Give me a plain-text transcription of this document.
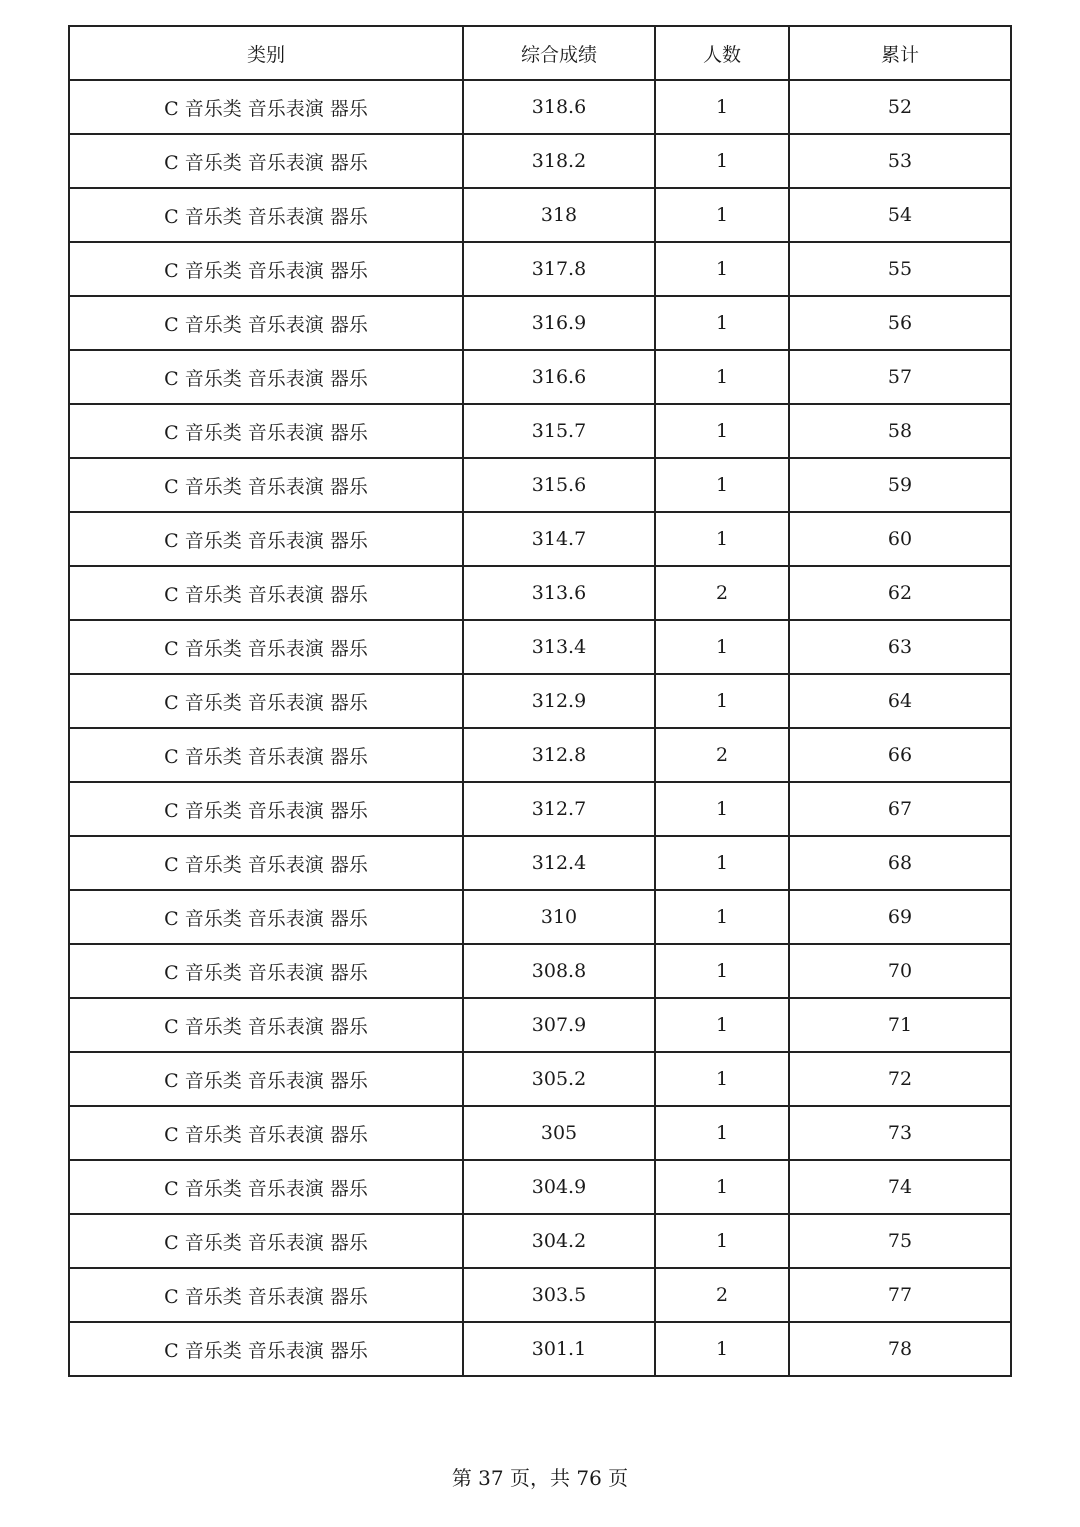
类别	综合成绩	人数	累计
C 音乐类 音乐表演 器乐	318.6	1	52
C 音乐类 音乐表演 器乐	318.2	1	53
C 音乐类 音乐表演 器乐	318	1	54
C 音乐类 音乐表演 器乐	317.8	1	55
C 音乐类 音乐表演 器乐	316.9	1	56
C 音乐类 音乐表演 器乐	316.6	1	57
C 音乐类 音乐表演 器乐	315.7	1	58
C 音乐类 音乐表演 器乐	315.6	1	59
C 音乐类 音乐表演 器乐	314.7	1	60
C 音乐类 音乐表演 器乐	313.6	2	62
C 音乐类 音乐表演 器乐	313.4	1	63
C 音乐类 音乐表演 器乐	312.9	1	64
C 音乐类 音乐表演 器乐	312.8	2	66
C 音乐类 音乐表演 器乐	312.7	1	67
C 音乐类 音乐表演 器乐	312.4	1	68
C 音乐类 音乐表演 器乐	310	1	69
C 音乐类 音乐表演 器乐	308.8	1	70
C 音乐类 音乐表演 器乐	307.9	1	71
C 音乐类 音乐表演 器乐	305.2	1	72
C 音乐类 音乐表演 器乐	305	1	73
C 音乐类 音乐表演 器乐	304.9	1	74
C 音乐类 音乐表演 器乐	304.2	1	75
C 音乐类 音乐表演 器乐	303.5	2	77
C 音乐类 音乐表演 器乐	301.1	1	78
第 37 页，共 76 页
